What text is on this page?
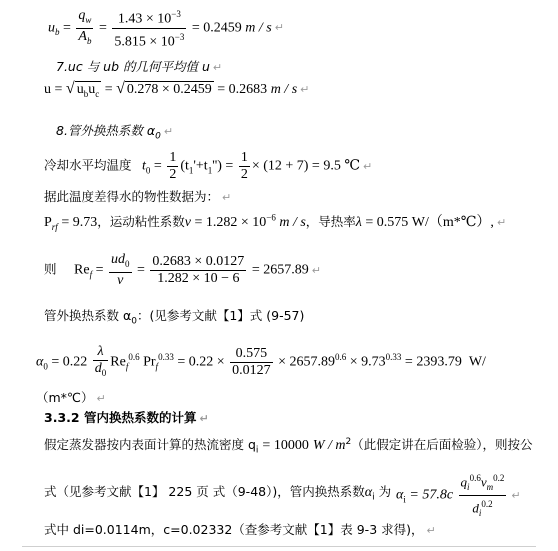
$u_b = \frac{q_w}{A_b} = \frac{1.43 \times 10^{-3}}{5.815 \times 10^{-3}} = 0.2459$ m / s ↵
7.uc 与 ub 的几何平均值 u ↵
u = √ $u_bu_c$ = √ 0.278 × 0.2459 = 0.2683 m / s ↵
8.管外换热系数 $\alpha_0$ ↵
冷却水平均温度 $t_0 = \frac{1}{2} (t_1'+t_1'') = \frac{1}{2} \times (12 + 7) = 9.5$ ℃ ↵
据此温度差得水的物性数据为： ↵
$P_{rf} = 9.73$，运动粘性系数$\nu = 1.282 \times 10^{-6}$ m / s，导热率λ = 0.575 W/（m*℃）, ↵
则 $Re_f = \frac{ud_0}{\nu} = \frac{0.2683 \times 0.0127}{1.282 \times 10 - 6} = 2657.89$ ↵
管外换热系数 $\alpha_0$：(见参考文献【1】式 (9-57)
$\alpha_0 = 0.22 \frac{\lambda}{d_0} Re_f^{0.6}$ $Pr_f^{0.33} = 0.22 \times \frac{0.575}{0.0127} \times 2657.89^{0.6} \times 9.73^{0.33} = 2393.79$ W/
（m*℃） ↵
3.3.2 管内换热系数的计算 ↵
假定蒸发器按内表面计算的热流密度 $q_i = 10000$ W / $m^2$（此假定讲在后面检验），则按公
式（见参考文献【1】 225 页 式（9-48）)，管内换热系数$\alpha_i$ 为 $\alpha_i = 57.8c \frac{q_i^{0.6}\nu_m^{0.2}}{d_i^{0.2}}$ ↵
式中 di=0.0114m，c=0.02332（查参考文献【1】表 9-3 求得)， ↵
